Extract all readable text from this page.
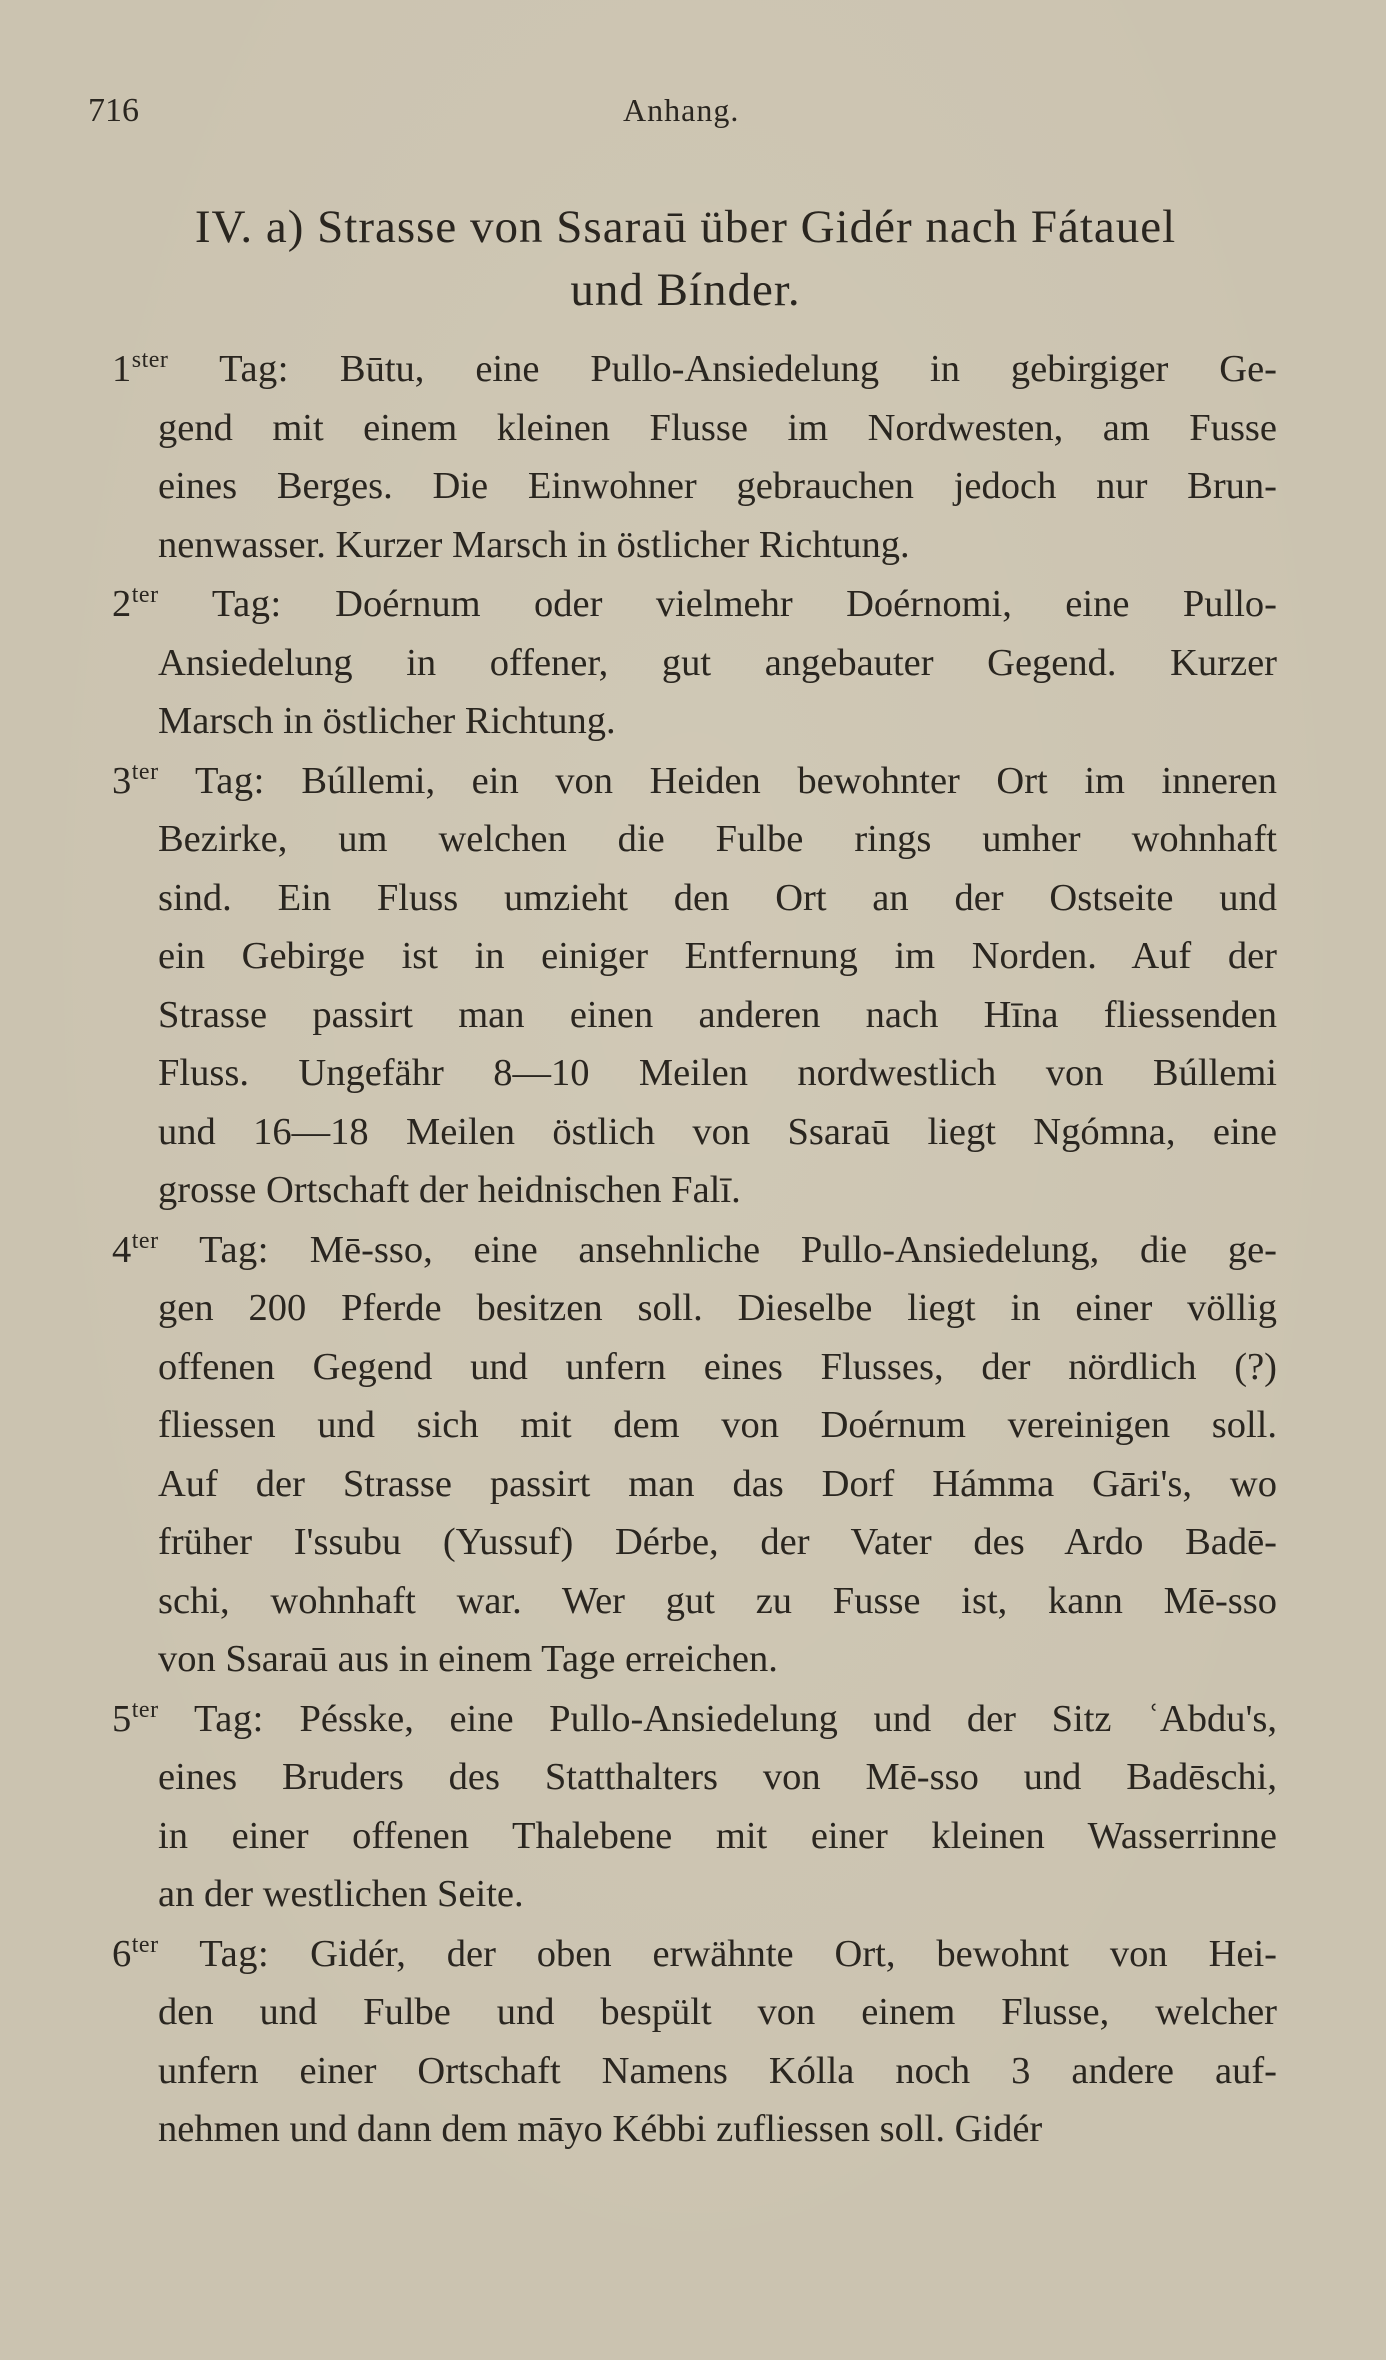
716	Anhang.
IV. a) Strasse von Ssaraū über Gidér nach Fátauel
und Bínder.
$1^{ster}$ Tag: Būtu, eine Pullo-Ansiedelung in gebirgiger Ge-
gend mit einem kleinen Flusse im Nordwesten, am Fusse
eines Berges. Die Einwohner gebrauchen jedoch nur Brun-
nenwasser. Kurzer Marsch in östlicher Richtung.
$2^{ter}$ Tag: Doérnum oder vielmehr Doérnomi, eine Pullo-
Ansiedelung in offener, gut angebauter Gegend. Kurzer
Marsch in östlicher Richtung.
$3^{ter}$ Tag: Búllemi, ein von Heiden bewohnter Ort im inneren
Bezirke, um welchen die Fulbe rings umher wohnhaft
sind. Ein Fluss umzieht den Ort an der Ostseite und
ein Gebirge ist in einiger Entfernung im Norden. Auf der
Strasse passirt man einen anderen nach Hīna fliessenden
Fluss. Ungefähr 8—10 Meilen nordwestlich von Búllemi
und 16—18 Meilen östlich von Ssaraū liegt Ngómna, eine
grosse Ortschaft der heidnischen Falī.
$4^{ter}$ Tag: Mē-sso, eine ansehnliche Pullo-Ansiedelung, die ge-
gen 200 Pferde besitzen soll. Dieselbe liegt in einer völlig
offenen Gegend und unfern eines Flusses, der nördlich (?)
fliessen und sich mit dem von Doérnum vereinigen soll.
Auf der Strasse passirt man das Dorf Hámma Gāri's, wo
früher I'ssubu (Yussuf) Dérbe, der Vater des Ardo Badē-
schi, wohnhaft war. Wer gut zu Fusse ist, kann Mē-sso
von Ssaraū aus in einem Tage erreichen.
$5^{ter}$ Tag: Pésske, eine Pullo-Ansiedelung und der Sitz ʿAbdu's,
eines Bruders des Statthalters von Mē-sso und Badēschi,
in einer offenen Thalebene mit einer kleinen Wasserrinne
an der westlichen Seite.
$6^{ter}$ Tag: Gidér, der oben erwähnte Ort, bewohnt von Hei-
den und Fulbe und bespült von einem Flusse, welcher
unfern einer Ortschaft Namens Kólla noch 3 andere auf-
nehmen und dann dem māyo Kébbi zufliessen soll. Gidér
